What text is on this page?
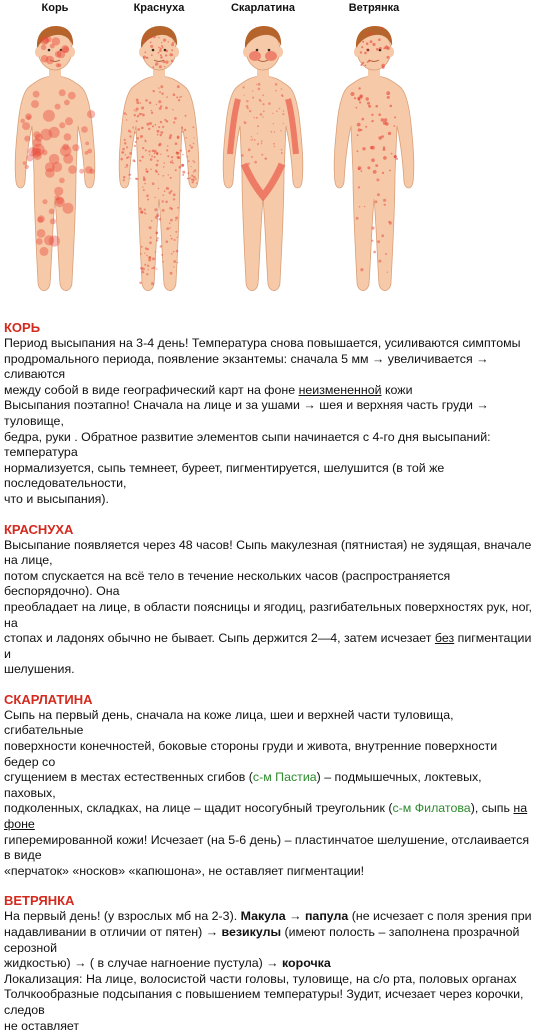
Корь	Краснуха	Скарлатина	Ветрянка

КОРЬ

Период высыпания на 3-4 день! Температура снова повышается, усиливаются симптомы

продромального периода, появление экзантемы: сначала 5 мм → увеличивается → сливаются

между собой в виде географический карт на фоне неизмененной кожи

Высыпания поэтапно! Сначала на лице и за ушами → шея и верхняя часть груди → туловище,

бедра, руки . Обратное развитие элементов сыпи начинается с 4-го дня высыпаний: температура

нормализуется, сыпь темнеет, буреет, пигментируется, шелушится (в той же последовательности,

что и высыпания).

КРАСНУХА

Высыпание появляется через 48 часов! Сыпь макулезная (пятнистая) не зудящая, вначале на лице,

потом спускается на всё тело в течение нескольких часов (распространяется беспорядочно). Она

преобладает на лице, в области поясницы и ягодиц, разгибательных поверхностях рук, ног, на

стопах и ладонях обычно не бывает. Сыпь держится 2—4, затем исчезает без пигментации и

шелушения.

СКАРЛАТИНА

Сыпь на первый день, сначала на коже лица, шеи и верхней части туловища, сгибательные

поверхности конечностей, боковые стороны груди и живота, внутренние поверхности бедер со

сгущением в местах естественных сгибов (с-м Пастиа) – подмышечных, локтевых, паховых,

подколенных, складках, на лице – щадит носогубный треугольник (с-м Филатова), сыпь на фоне

гиперемированной кожи! Исчезает (на 5-6 день) – пластинчатое шелушение, отслаивается в виде

«перчаток» «носков» «капюшона», не оставляет пигментации!

ВЕТРЯНКА

На первый день! (у взрослых мб на 2-3). Макула → папула (не исчезает с поля зрения при

надавливании в отличии от пятен) → везикулы (имеют полость – заполнена прозрачной серозной

жидкостью) → ( в случае нагноение пустула) → корочка

Локализация: На лице, волосистой части головы, туловище, на с/о рта, половых органах

Толчкообразные подсыпания с повышением температуры! Зудит, исчезает через корочки, следов

не оставляет
